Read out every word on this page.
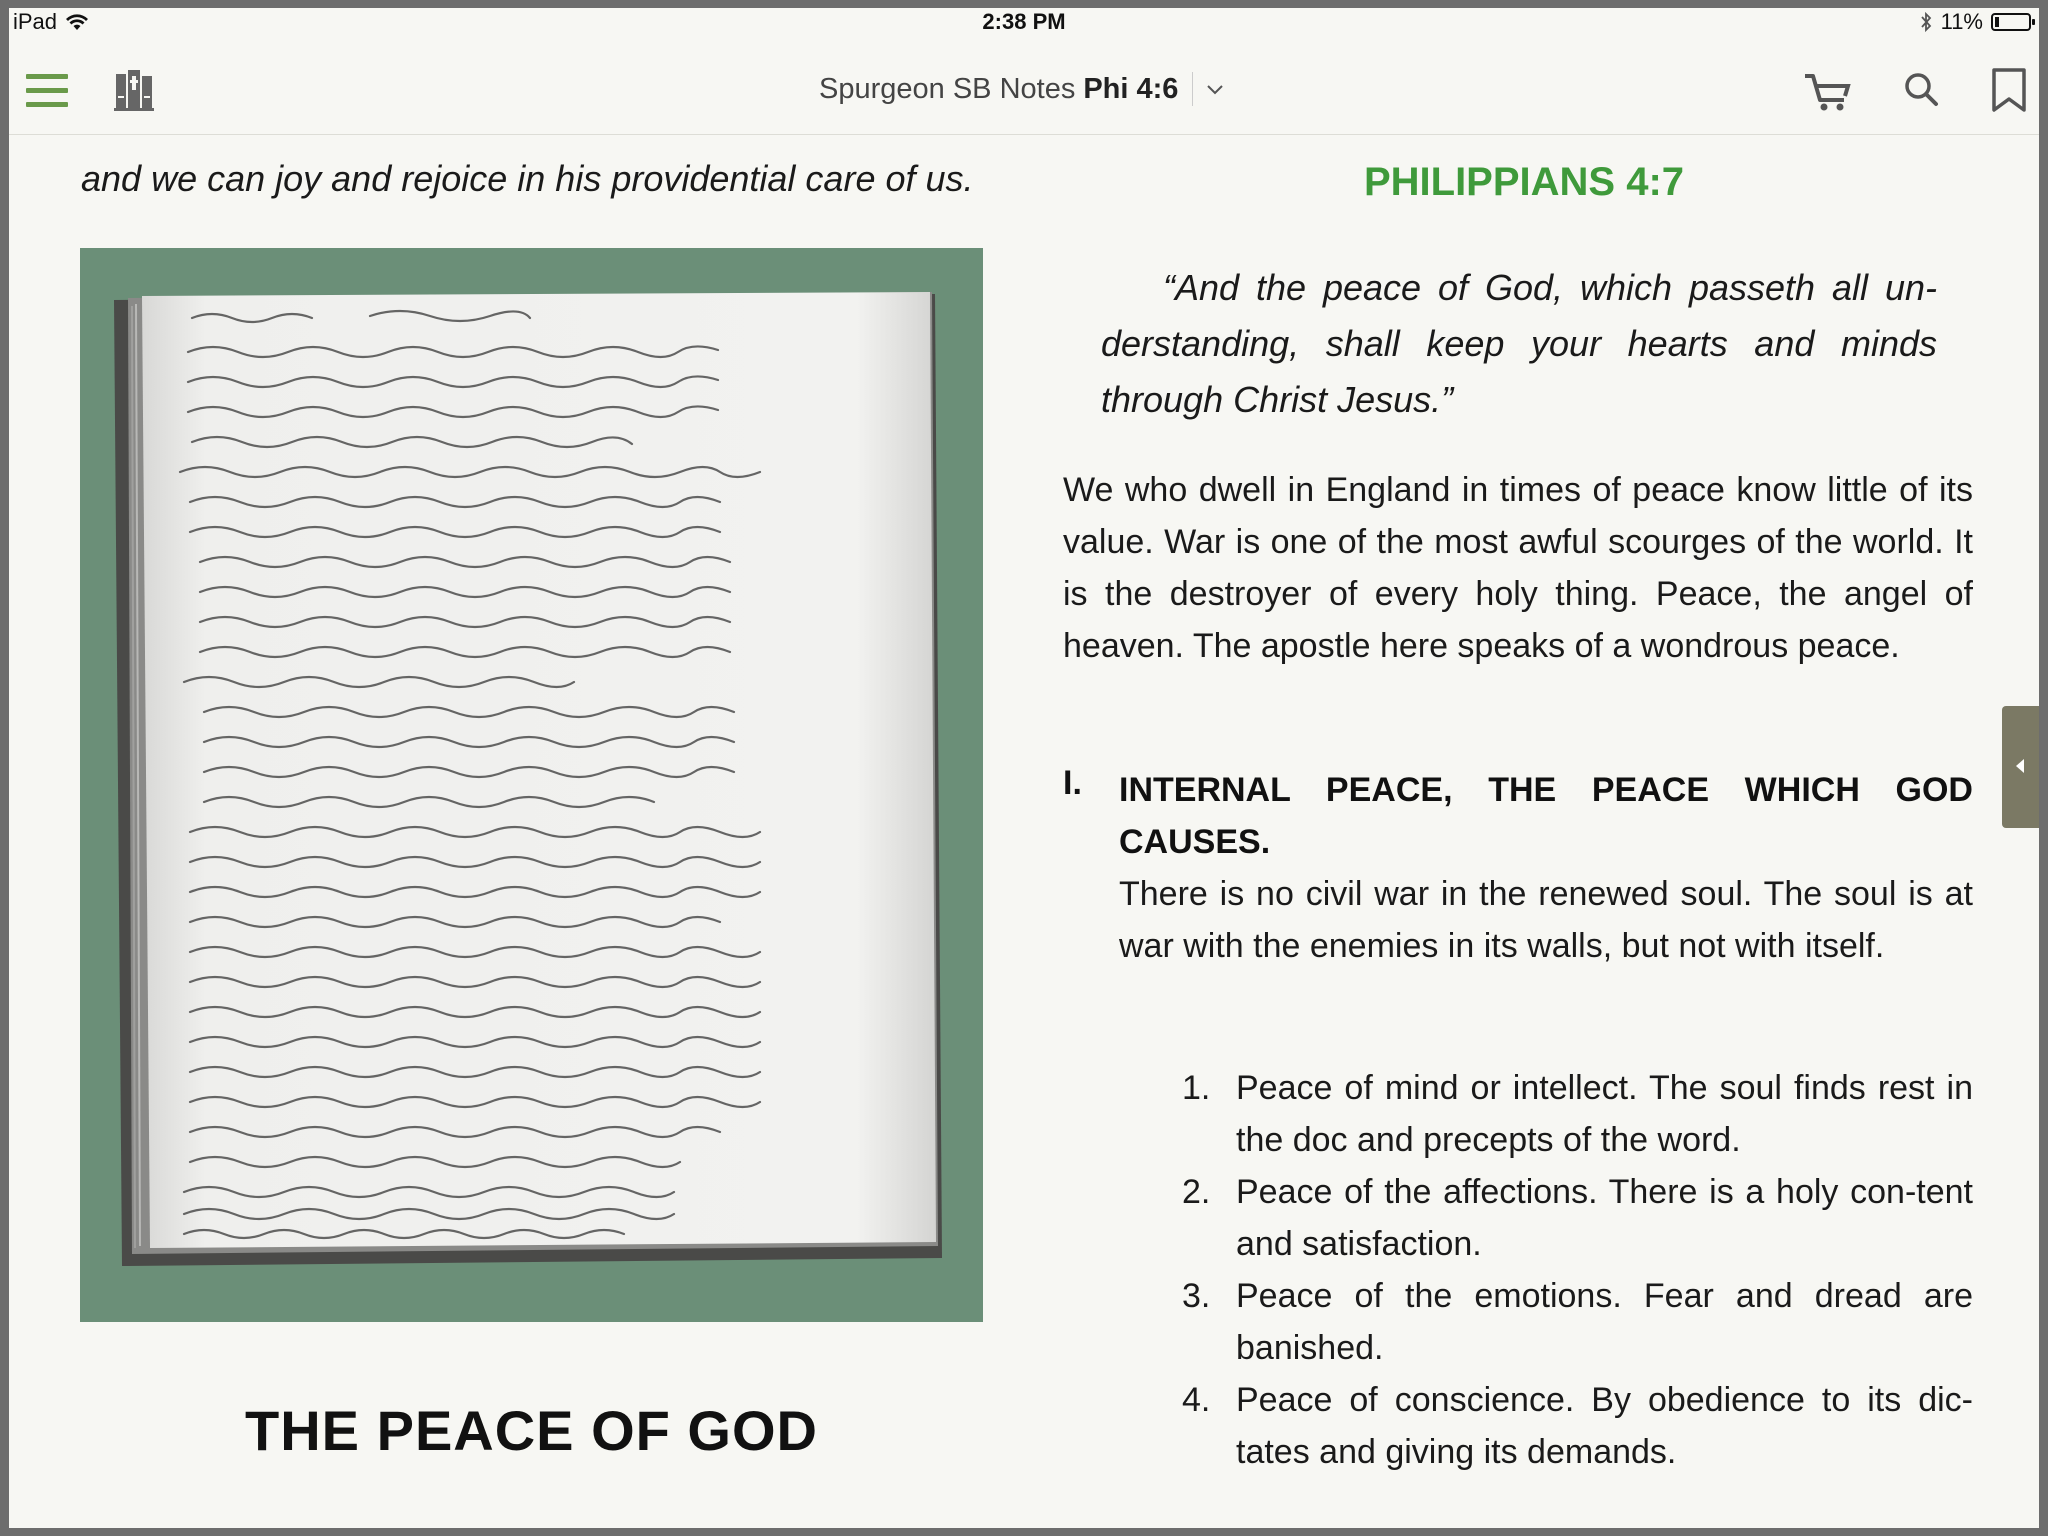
iPad	2:38 PM	11%
Spurgeon SB Notes Phi 4:6
and we can joy and rejoice in his providential care of us.
THE PEACE OF GOD
PHILIPPIANS 4:7
“And the peace of God, which passeth all un-derstanding, shall keep your hearts and minds through Christ Jesus.”
We who dwell in England in times of peace know little of its value. War is one of the most awful scourges of the world. It is the destroyer of every holy thing. Peace, the angel of heaven. The apostle here speaks of a wondrous peace.
I. INTERNAL PEACE, THE PEACE WHICH GOD CAUSES.
There is no civil war in the renewed soul. The soul is at war with the enemies in its walls, but not with itself.
1. Peace of mind or intellect. The soul finds rest in the doc and precepts of the word.
2. Peace of the affections. There is a holy con-tent and satisfaction.
3. Peace of the emotions. Fear and dread are banished.
4. Peace of conscience. By obedience to its dic-tates and giving its demands.
